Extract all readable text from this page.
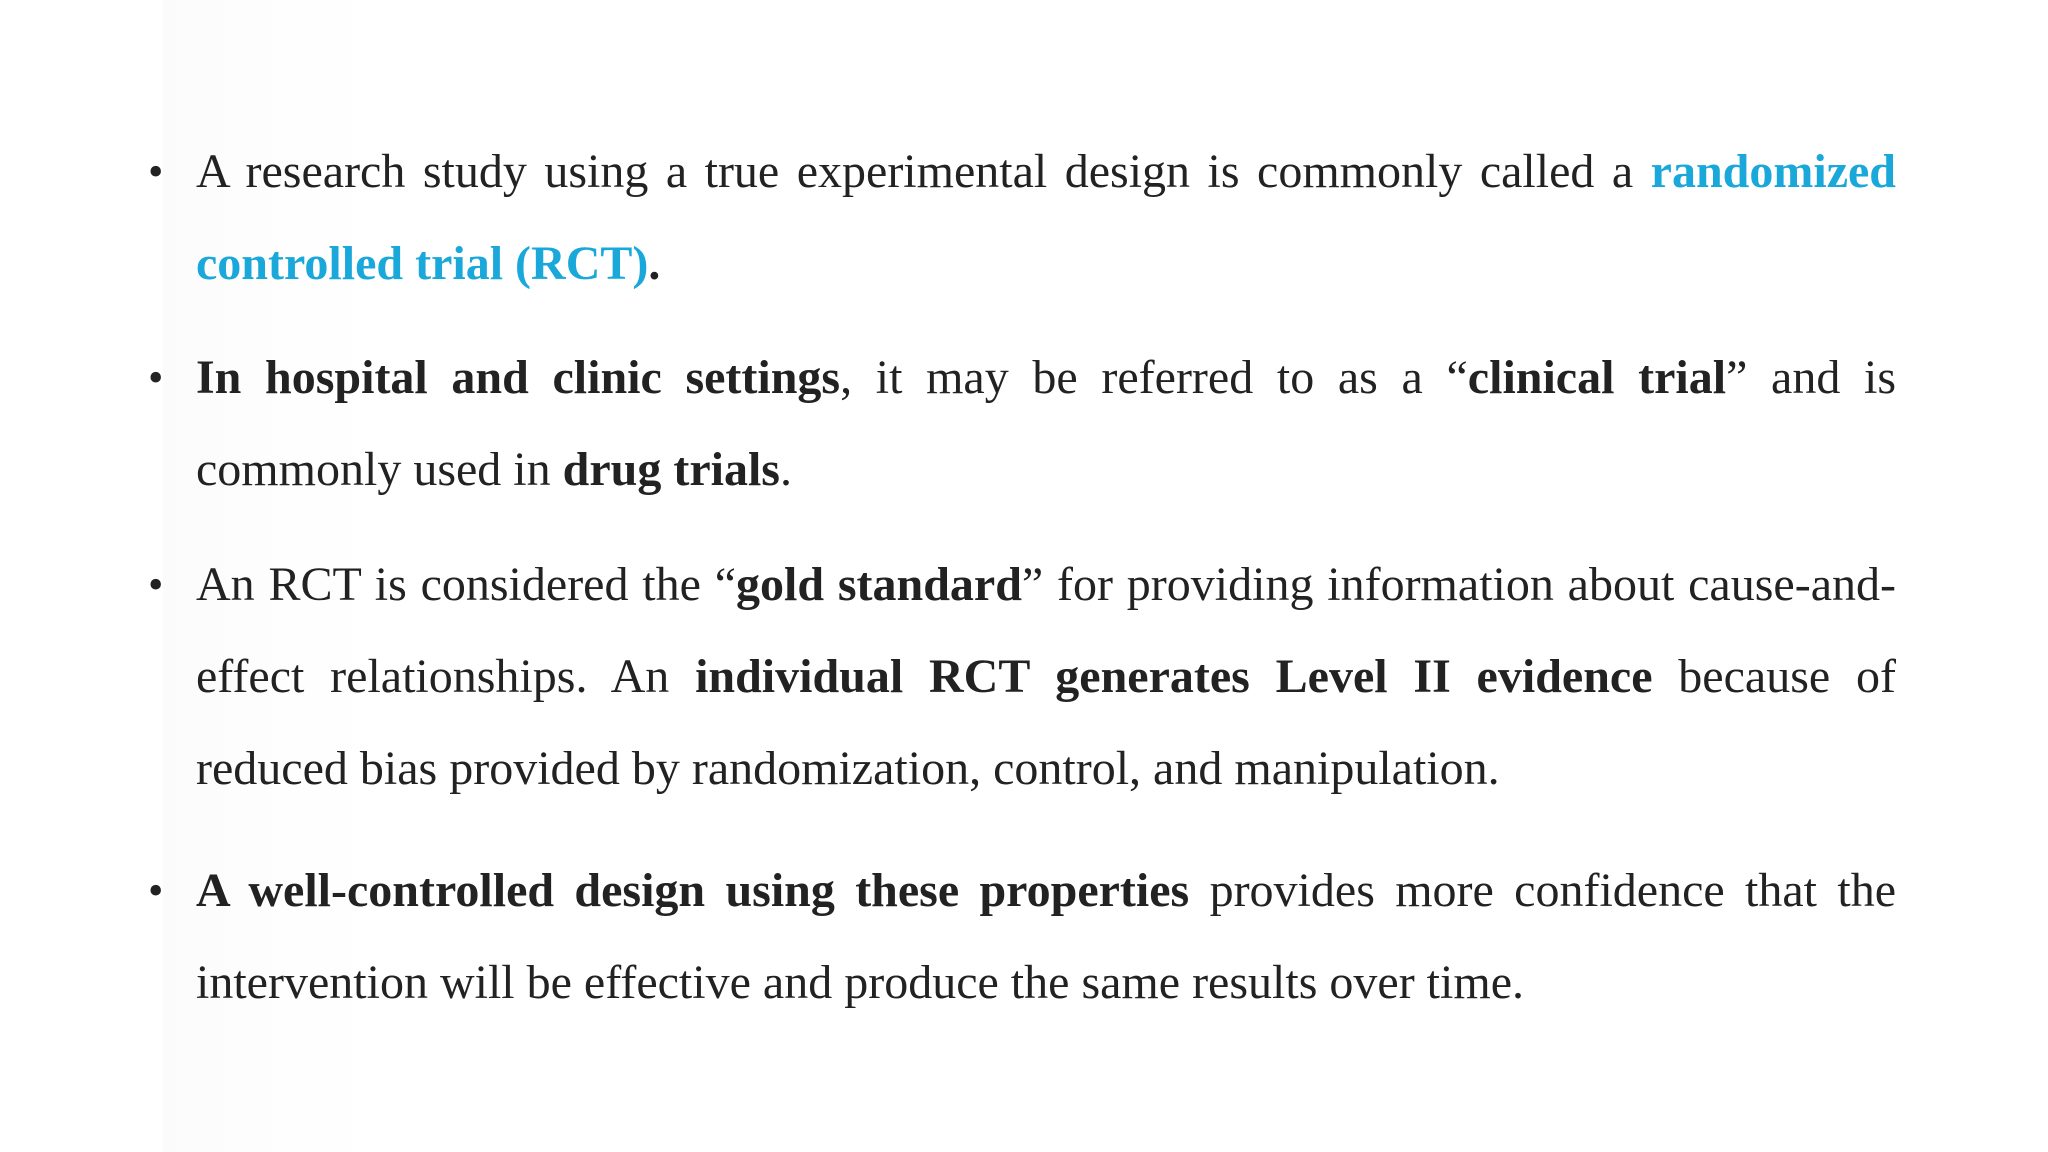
• A research study using a true experimental design is commonly called a randomized controlled trial (RCT).

• In hospital and clinic settings, it may be referred to as a “clinical trial” and is commonly used in drug trials.

• An RCT is considered the “gold standard” for providing information about cause-and-effect relationships. An individual RCT generates Level II evidence because of reduced bias provided by randomization, control, and manipulation.

• A well-controlled design using these properties provides more confidence that the intervention will be effective and produce the same results over time.
